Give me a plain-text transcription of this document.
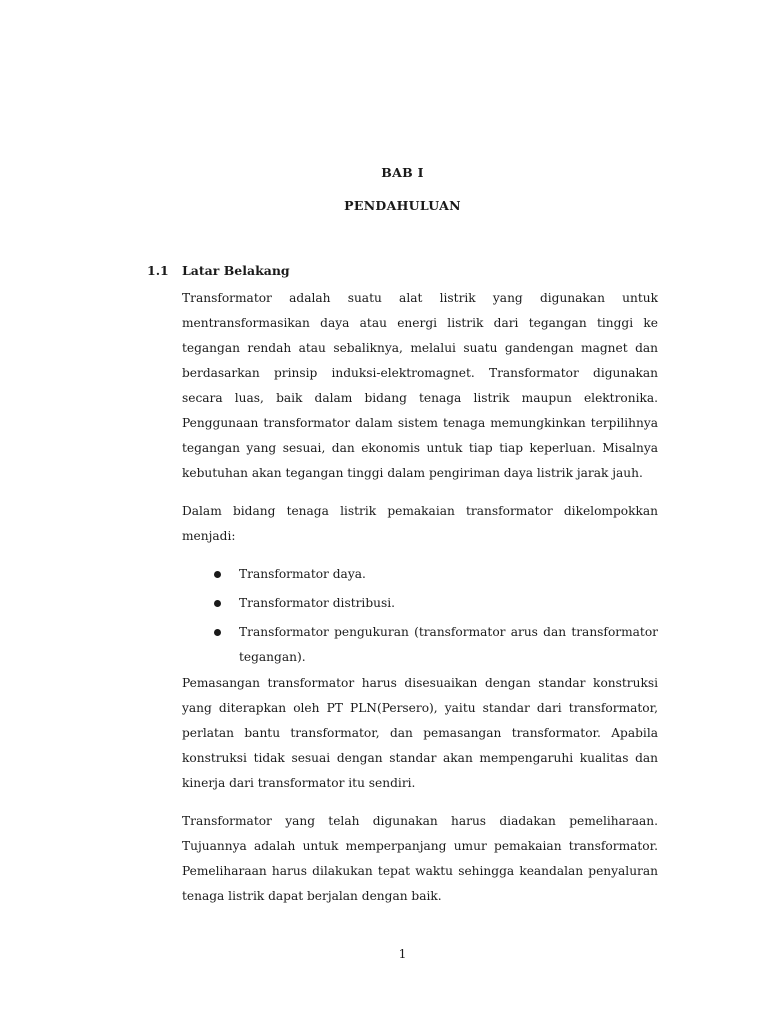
BAB I
PENDAHULUAN
1.1 Latar Belakang

Transformator adalah suatu alat listrik yang digunakan untuk mentransformasikan daya atau energi listrik dari tegangan tinggi ke tegangan rendah atau sebaliknya, melalui suatu gandengan magnet dan berdasarkan prinsip induksi-elektromagnet. Transformator digunakan secara luas, baik dalam bidang tenaga listrik maupun elektronika. Penggunaan transformator dalam sistem tenaga memungkinkan terpilihnya tegangan yang sesuai, dan ekonomis untuk tiap tiap keperluan. Misalnya kebutuhan akan tegangan tinggi dalam pengiriman daya listrik jarak jauh.

Dalam bidang tenaga listrik pemakaian transformator dikelompokkan menjadi:

Transformator daya.
Transformator distribusi.
Transformator pengukuran (transformator arus dan transformator tegangan).

Pemasangan transformator harus disesuaikan dengan standar konstruksi yang diterapkan oleh PT PLN(Persero), yaitu standar dari transformator, perlatan bantu transformator, dan pemasangan transformator. Apabila konstruksi tidak sesuai dengan standar akan mempengaruhi kualitas dan kinerja dari transformator itu sendiri.

Transformator yang telah digunakan harus diadakan pemeliharaan. Tujuannya adalah untuk memperpanjang umur pemakaian transformator. Pemeliharaan harus dilakukan tepat waktu sehingga keandalan penyaluran tenaga listrik dapat berjalan dengan baik.

1
